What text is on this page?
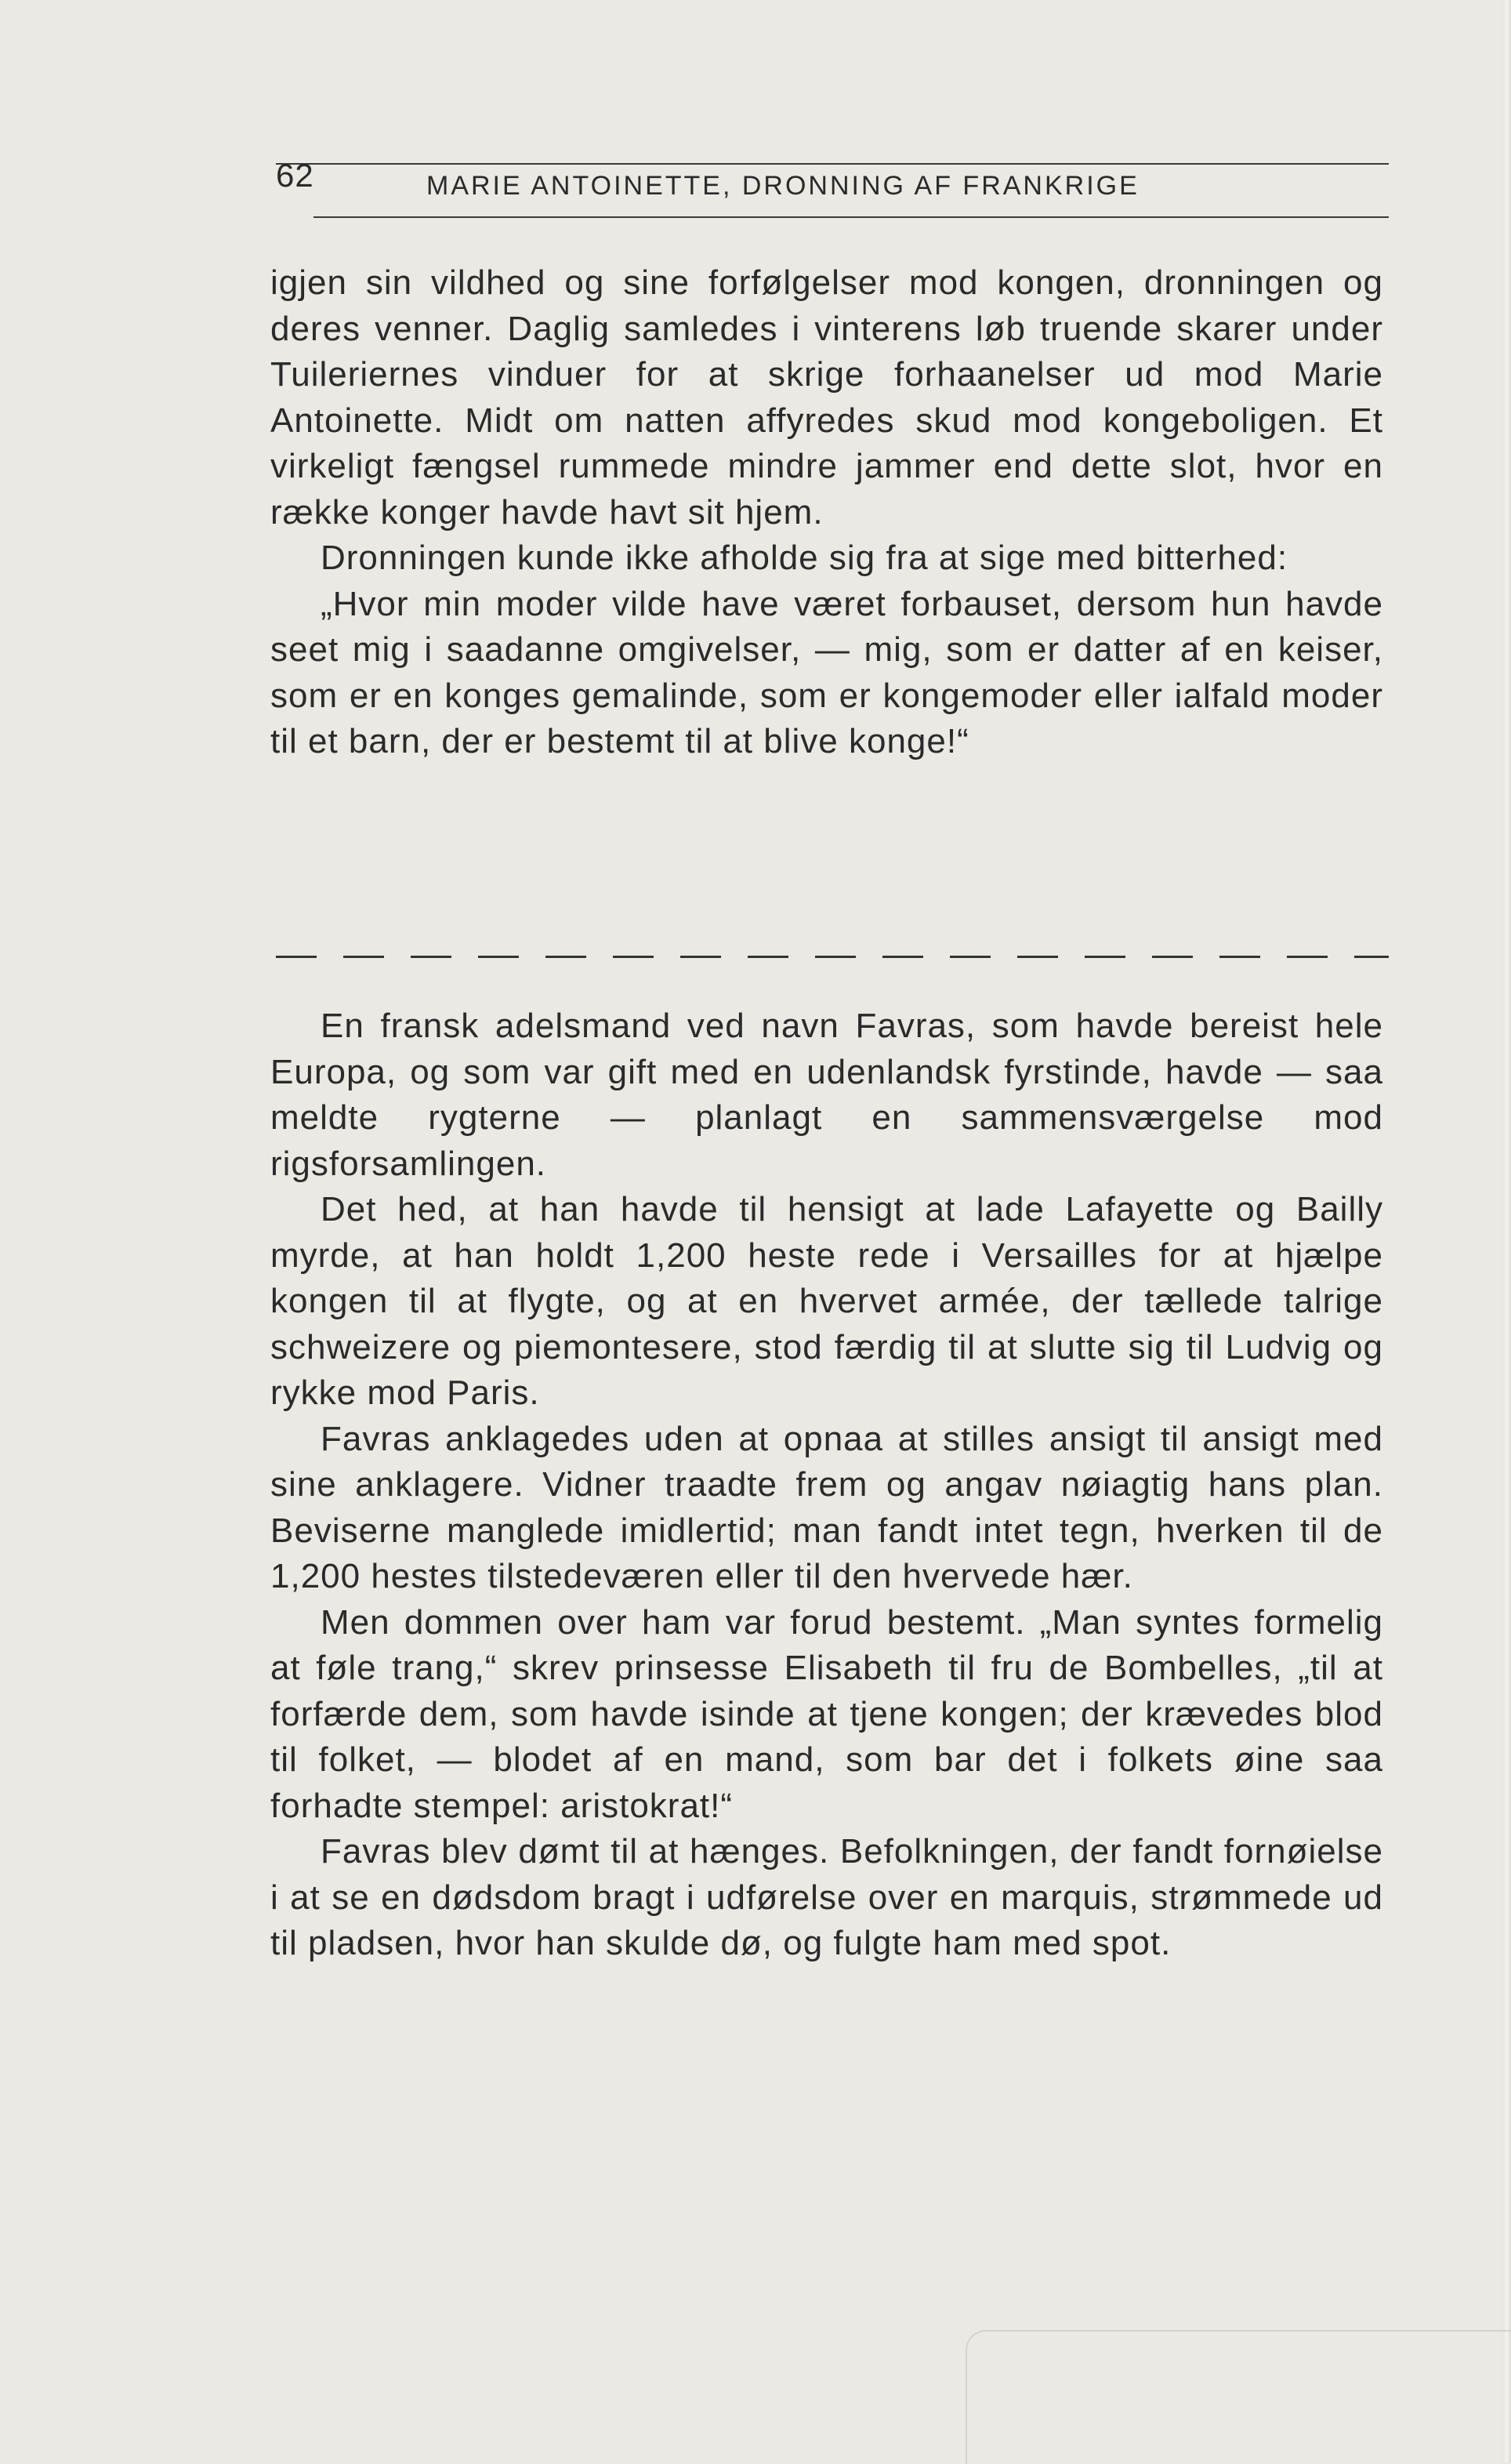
62	MARIE ANTOINETTE, DRONNING AF FRANKRIGE

igjen sin vildhed og sine forfølgelser mod kongen, dronningen og deres venner. Daglig samledes i vinterens løb truende skarer under Tuileriernes vinduer for at skrige forhaanelser ud mod Marie Antoinette. Midt om natten affyredes skud mod kongeboligen. Et virkeligt fængsel rummede mindre jammer end dette slot, hvor en række konger havde havt sit hjem.

Dronningen kunde ikke afholde sig fra at sige med bitterhed:

„Hvor min moder vilde have været forbauset, dersom hun havde seet mig i saadanne omgivelser, — mig, som er datter af en keiser, som er en konges gemalinde, som er kongemoder eller ialfald moder til et barn, der er bestemt til at blive konge!“

En fransk adelsmand ved navn Favras, som havde bereist hele Europa, og som var gift med en udenlandsk fyrstinde, havde — saa meldte rygterne — planlagt en sammensværgelse mod rigsforsamlingen.

Det hed, at han havde til hensigt at lade Lafayette og Bailly myrde, at han holdt 1,200 heste rede i Versailles for at hjælpe kongen til at flygte, og at en hvervet armée, der tællede talrige schweizere og piemontesere, stod færdig til at slutte sig til Ludvig og rykke mod Paris.

Favras anklagedes uden at opnaa at stilles ansigt til ansigt med sine anklagere. Vidner traadte frem og angav nøiagtig hans plan. Beviserne manglede imidlertid; man fandt intet tegn, hverken til de 1,200 hestes tilstedeværen eller til den hvervede hær.

Men dommen over ham var forud bestemt. „Man syntes formelig at føle trang,“ skrev prinsesse Elisabeth til fru de Bombelles, „til at forfærde dem, som havde isinde at tjene kongen; der krævedes blod til folket, — blodet af en mand, som bar det i folkets øine saa forhadte stempel: aristokrat!“

Favras blev dømt til at hænges. Befolkningen, der fandt fornøielse i at se en dødsdom bragt i udførelse over en marquis, strømmede ud til pladsen, hvor han skulde dø, og fulgte ham med spot.
